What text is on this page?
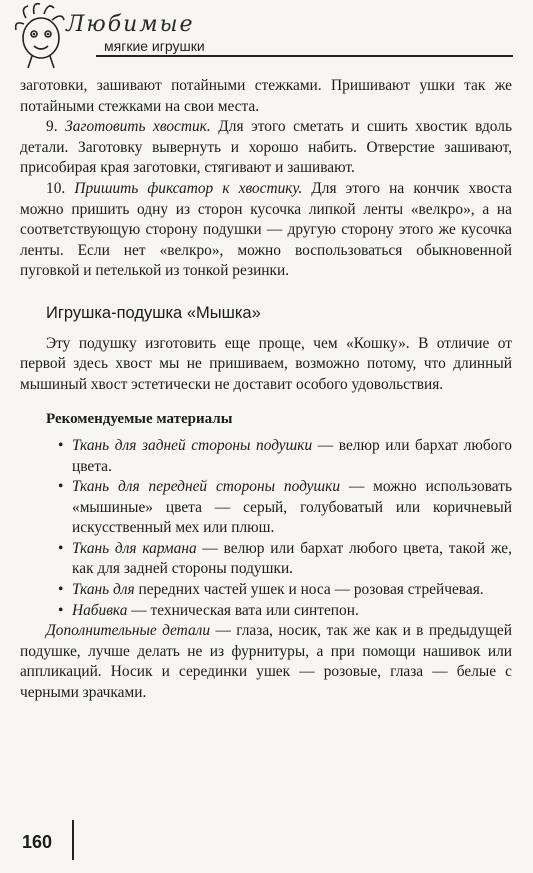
Любимые
мягкие игрушки

заготовки, зашивают потайными стежками. Пришивают ушки так же потайными стежками на свои места.

9. Заготовить хвостик. Для этого сметать и сшить хвостик вдоль детали. Заготовку вывернуть и хорошо набить. Отверстие зашивают, присобирая края заготовки, стягивают и зашивают.

10. Пришить фиксатор к хвостику. Для этого на кончик хвоста можно пришить одну из сторон кусочка липкой ленты «велкро», а на соответствующую сторону подушки — другую сторону этого же кусочка ленты. Если нет «велкро», можно воспользоваться обыкновенной пуговкой и петелькой из тонкой резинки.

Игрушка-подушка «Мышка»

Эту подушку изготовить еще проще, чем «Кошку». В отличие от первой здесь хвост мы не пришиваем, возможно потому, что длинный мышиный хвост эстетически не доставит особого удовольствия.

Рекомендуемые материалы

• Ткань для задней стороны подушки — велюр или бархат любого цвета.

• Ткань для передней стороны подушки — можно использовать «мышиные» цвета — серый, голубоватый или коричневый искусственный мех или плюш.

• Ткань для кармана — велюр или бархат любого цвета, такой же, как для задней стороны подушки.

• Ткань для передних частей ушек и носа — розовая стрейчевая.

• Набивка — техническая вата или синтепон.

Дополнительные детали — глаза, носик, так же как и в предыдущей подушке, лучше делать не из фурнитуры, а при помощи нашивок или аппликаций. Носик и серединки ушек — розовые, глаза — белые с черными зрачками.

160
